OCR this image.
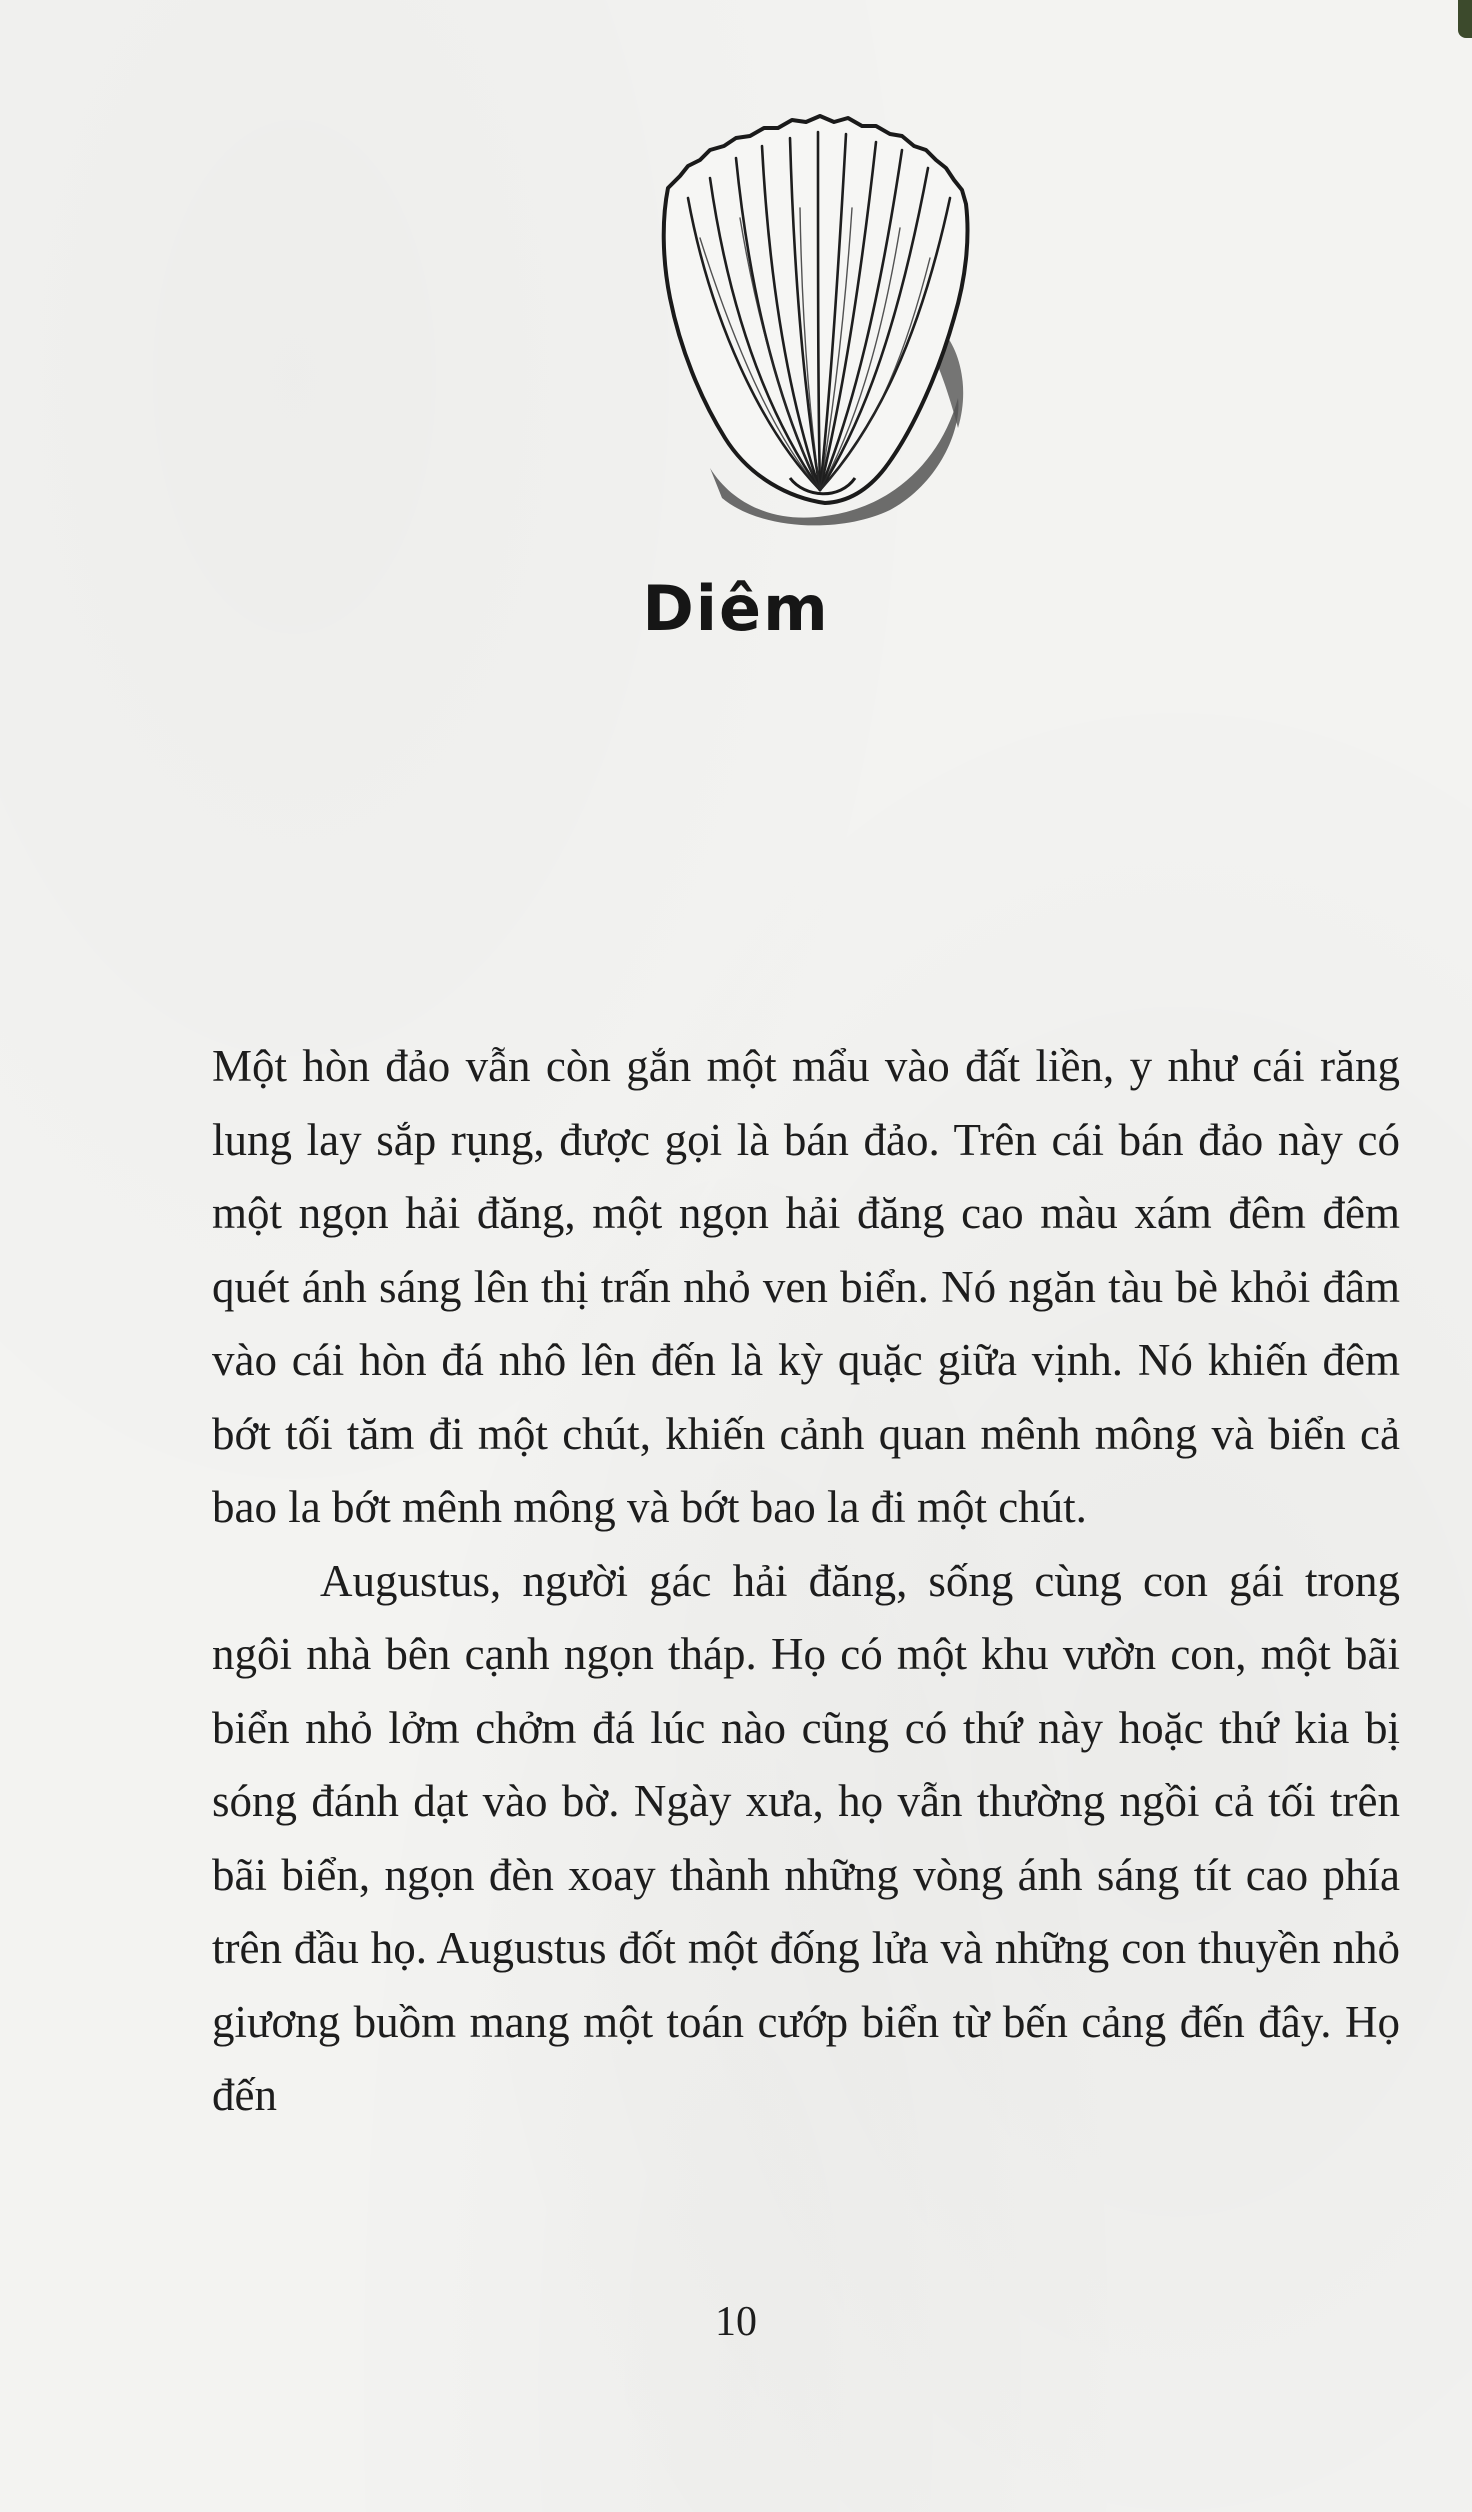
Diêm

Một hòn đảo vẫn còn gắn một mẩu vào đất liền, y như cái răng lung lay sắp rụng, được gọi là bán đảo. Trên cái bán đảo này có một ngọn hải đăng, một ngọn hải đăng cao màu xám đêm đêm quét ánh sáng lên thị trấn nhỏ ven biển. Nó ngăn tàu bè khỏi đâm vào cái hòn đá nhô lên đến là kỳ quặc giữa vịnh. Nó khiến đêm bớt tối tăm đi một chút, khiến cảnh quan mênh mông và biển cả bao la bớt mênh mông và bớt bao la đi một chút.

Augustus, người gác hải đăng, sống cùng con gái trong ngôi nhà bên cạnh ngọn tháp. Họ có một khu vườn con, một bãi biển nhỏ lởm chởm đá lúc nào cũng có thứ này hoặc thứ kia bị sóng đánh dạt vào bờ. Ngày xưa, họ vẫn thường ngồi cả tối trên bãi biển, ngọn đèn xoay thành những vòng ánh sáng tít cao phía trên đầu họ. Augustus đốt một đống lửa và những con thuyền nhỏ giương buồm mang một toán cướp biển từ bến cảng đến đây. Họ đến

10
